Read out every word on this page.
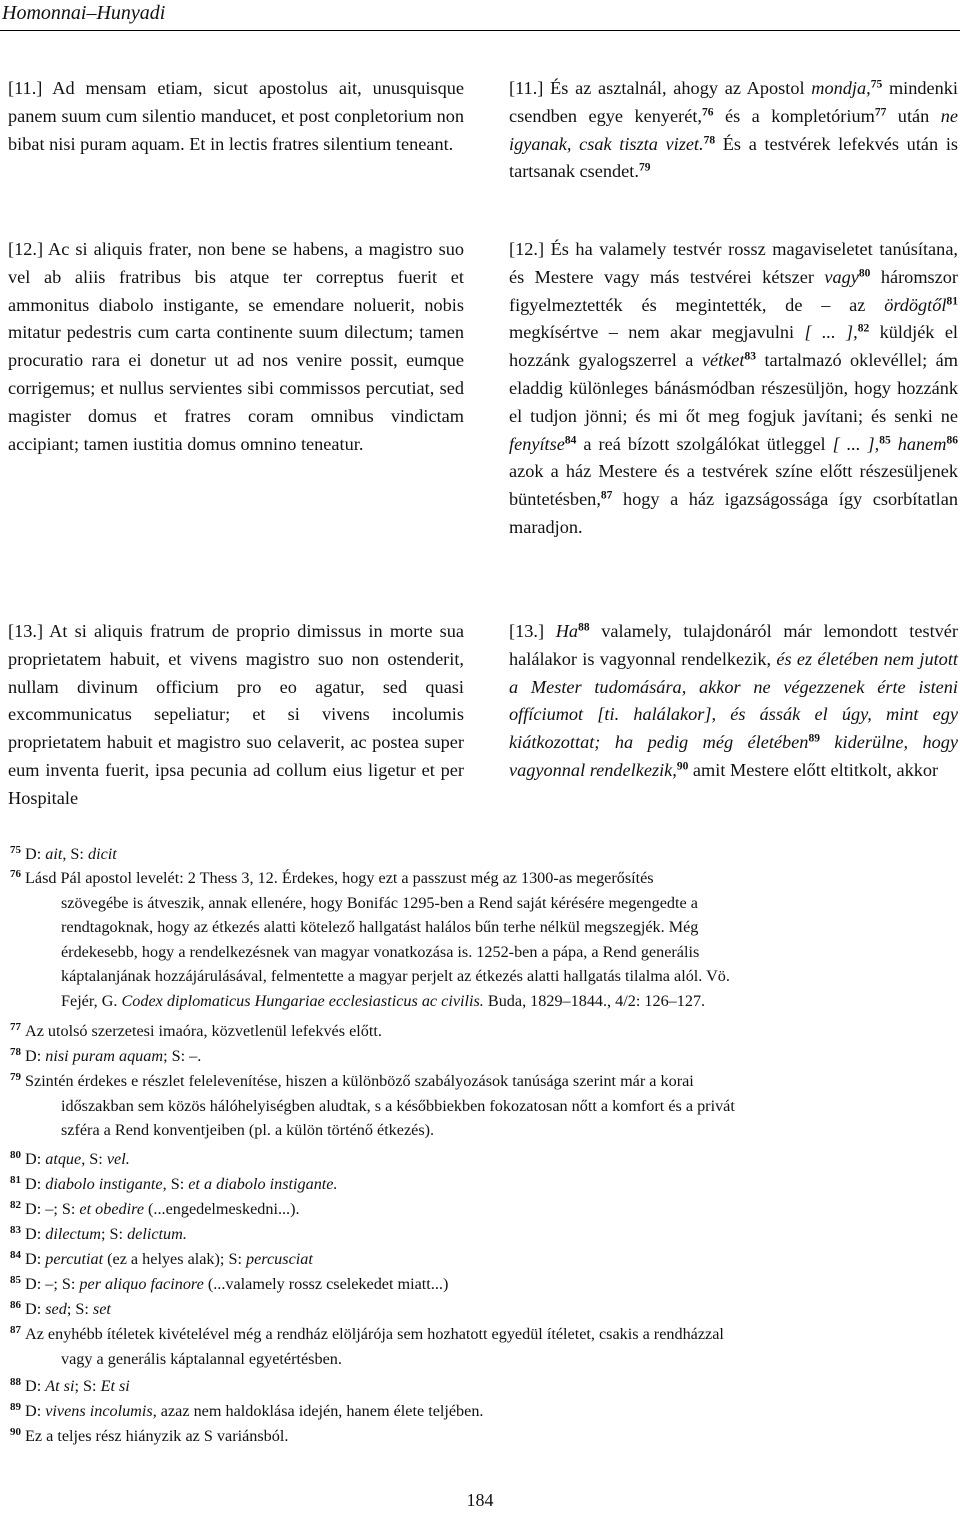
Homonnai–Hunyadi
[11.] Ad mensam etiam, sicut apostolus ait, unusquisque panem suum cum silentio manducet, et post conpletorium non bibat nisi puram aquam. Et in lectis fratres silentium teneant.
[12.] Ac si aliquis frater, non bene se habens, a magistro suo vel ab aliis fratribus bis atque ter correptus fuerit et ammonitus diabolo instigante, se emendare noluerit, nobis mitatur pedestris cum carta continente suum dilectum; tamen procuratio rara ei donetur ut ad nos venire possit, eumque corrigemus; et nullus servientes sibi commissos percutiat, sed magister domus et fratres coram omnibus vindictam accipiant; tamen iustitia domus omnino teneatur.
[13.] At si aliquis fratrum de proprio dimissus in morte sua proprietatem habuit, et vivens magistro suo non ostenderit, nullam divinum officium pro eo agatur, sed quasi excommunicatus sepeliatur; et si vivens incolumis proprietatem habuit et magistro suo celaverit, ac postea super eum inventa fuerit, ipsa pecunia ad collum eius ligetur et per Hospitale
[11.] És az asztalnál, ahogy az Apostol mondja,$^{75}$ mindenki csendben egye kenyerét,$^{76}$ és a kompletórium$^{77}$ után ne igyanak, csak tiszta vizet.$^{78}$ És a testvérek lefekvés után is tartsanak csendet.$^{79}$
[12.] És ha valamely testvér rossz magaviseletet tanúsítana, és Mestere vagy más testvérei kétszer vagy$^{80}$ háromszor figyelmeztették és megintették, de – az ördögtől$^{81}$ megkísértve – nem akar megjavulni [ ... ],$^{82}$ küldjék el hozzánk gyalogszerrel a vétket$^{83}$ tartalmazó oklevéllel; ám eladdig különleges bánásmódban részesüljön, hogy hozzánk el tudjon jönni; és mi őt meg fogjuk javítani; és senki ne fenyítse$^{84}$ a reá bízott szolgálókat ütleggel [ ... ],$^{85}$ hanem$^{86}$ azok a ház Mestere és a testvérek színe előtt részesüljenek büntetésben,$^{87}$ hogy a ház igazságossága így csorbítatlan maradjon.
[13.] Ha$^{88}$ valamely, tulajdonáról már lemondott testvér halálakor is vagyonnal rendelkezik, és ez életében nem jutott a Mester tudomására, akkor ne végezzenek érte isteni offíciumot [ti. halálakor], és ássák el úgy, mint egy kiátkozottat; ha pedig még életében$^{89}$ kiderülne, hogy vagyonnal rendelkezik,$^{90}$ amit Mestere előtt eltitkolt, akkor
$^{75}$ D: ait, S: dicit
$^{76}$ Lásd Pál apostol levelét: 2 Thess 3, 12. Érdekes, hogy ezt a passzust még az 1300-as megerősítés
szövegébe is átveszik, annak ellenére, hogy Bonifác 1295-ben a Rend saját kérésére megengedte a
rendtagoknak, hogy az étkezés alatti kötelező hallgatást halálos bűn terhe nélkül megszegjék. Még
érdekesebb, hogy a rendelkezésnek van magyar vonatkozása is. 1252-ben a pápa, a Rend generális
káptalanjának hozzájárulásával, felmentette a magyar perjelt az étkezés alatti hallgatás tilalma alól. Vö.
Fejér, G. Codex diplomaticus Hungariae ecclesiasticus ac civilis. Buda, 1829–1844., 4/2: 126–127.
$^{77}$ Az utolsó szerzetesi imaóra, közvetlenül lefekvés előtt.
$^{78}$ D: nisi puram aquam; S: –.
$^{79}$ Szintén érdekes e részlet felelevenítése, hiszen a különböző szabályozások tanúsága szerint már a korai
időszakban sem közös hálóhelyiségben aludtak, s a későbbiekben fokozatosan nőtt a komfort és a privát
szféra a Rend konventjeiben (pl. a külön történő étkezés).
$^{80}$ D: atque, S: vel.
$^{81}$ D: diabolo instigante, S: et a diabolo instigante.
$^{82}$ D: –; S: et obedire (...engedelmeskedni...).
$^{83}$ D: dilectum; S: delictum.
$^{84}$ D: percutiat (ez a helyes alak); S: percusciat
$^{85}$ D: –; S: per aliquo facinore (...valamely rossz cselekedet miatt...)
$^{86}$ D: sed; S: set
$^{87}$ Az enyhébb ítéletek kivételével még a rendház elöljárója sem hozhatott egyedül ítéletet, csakis a rendházzal
vagy a generális káptalannal egyetértésben.
$^{88}$ D: At si; S: Et si
$^{89}$ D: vivens incolumis, azaz nem haldoklása idején, hanem élete teljében.
$^{90}$ Ez a teljes rész hiányzik az S variánsból.
184
